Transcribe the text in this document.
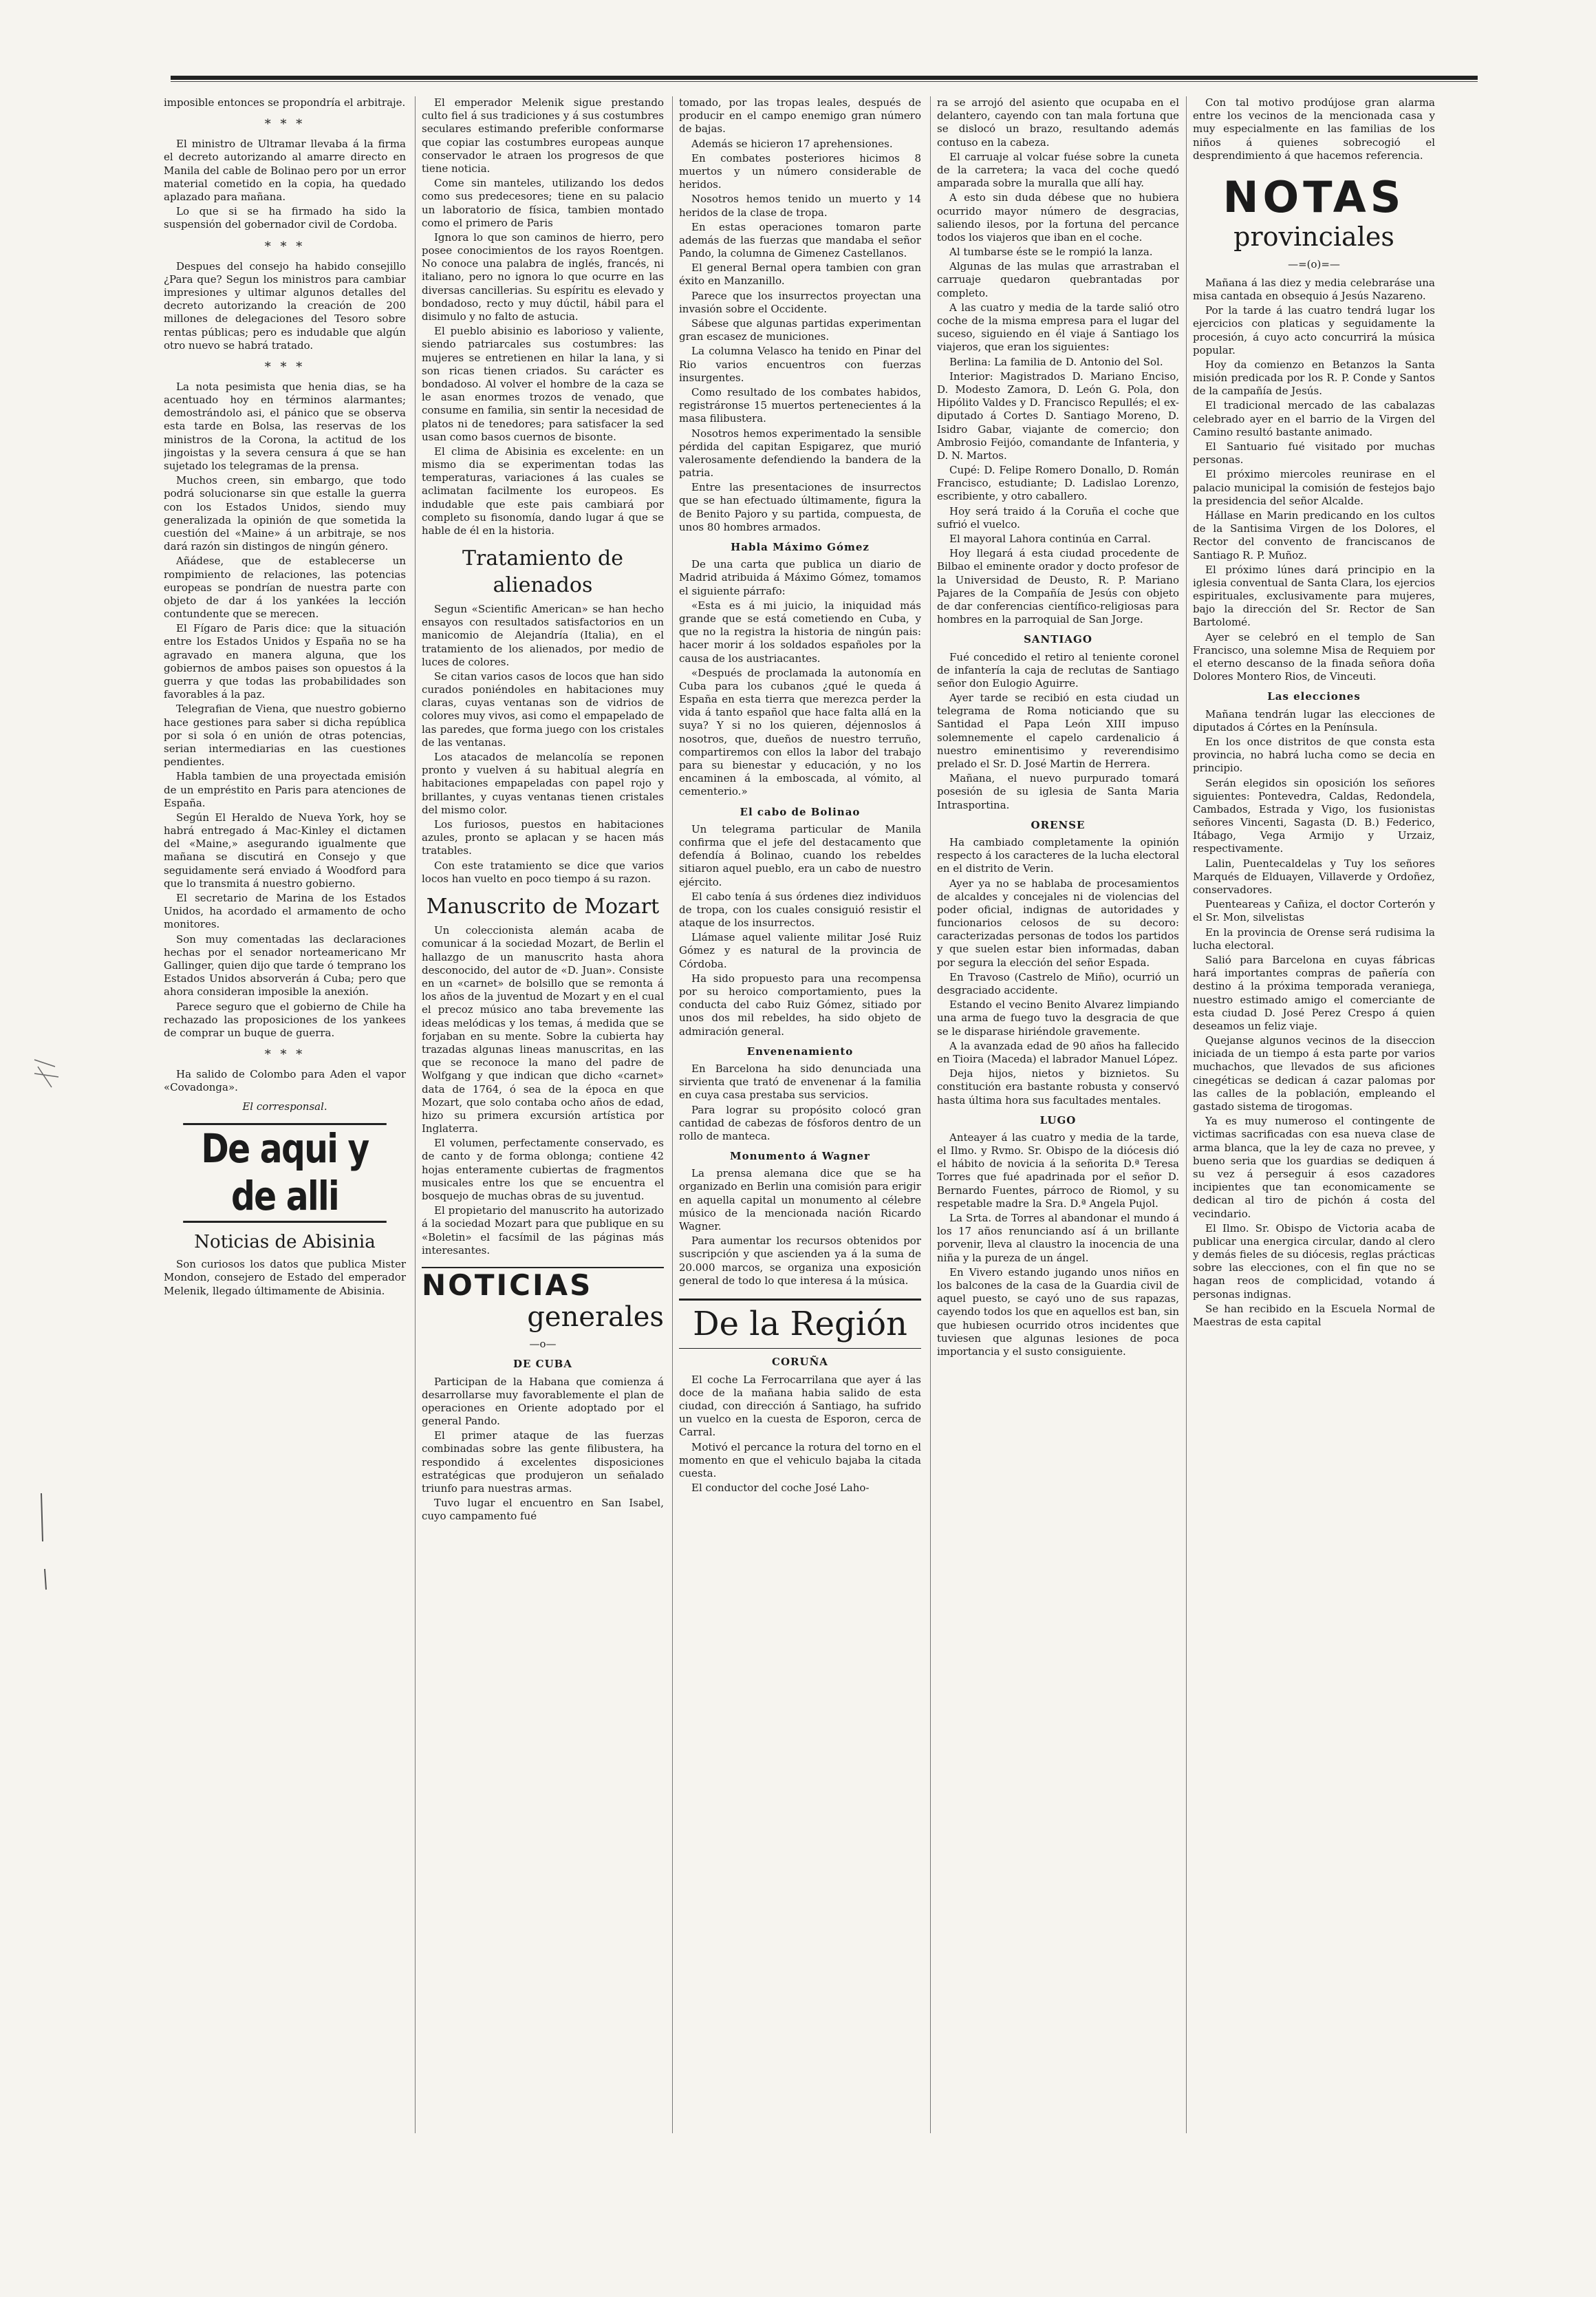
imposible entonces se propondría el arbitraje.

* * *

El ministro de Ultramar llevaba á la firma el decreto autorizando al amarre directo en Manila del cable de Bolinao pero por un error material cometido en la copia, ha quedado aplazado para mañana.

Lo que si se ha firmado ha sido la suspensión del gobernador civil de Cordoba.

* * *

Despues del consejo ha habido consejillo ¿Para que? Segun los ministros para cambiar impresiones y ultimar algunos detalles del decreto autorizando la creación de 200 millones de delegaciones del Tesoro sobre rentas públicas; pero es indudable que algún otro nuevo se habrá tratado.

* * *

La nota pesimista que henia dias, se ha acentuado hoy en términos alarmantes; demostrándolo asi, el pánico que se observa esta tarde en Bolsa, las reservas de los ministros de la Corona, la actitud de los jingoistas y la severa censura á que se han sujetado los telegramas de la prensa.

Muchos creen, sin embargo, que todo podrá solucionarse sin que estalle la guerra con los Estados Unidos, siendo muy generalizada la opinión de que sometida la cuestión del «Maine» á un arbitraje, se nos dará razón sin distingos de ningún género.

Añádese, que de establecerse un rompimiento de relaciones, las potencias europeas se pondrían de nuestra parte con objeto de dar á los yankées la lección contundente que se merecen.

El Fígaro de Paris dice: que la situación entre los Estados Unidos y España no se ha agravado en manera alguna, que los gobiernos de ambos paises son opuestos á la guerra y que todas las probabilidades son favorables á la paz.

Telegrafian de Viena, que nuestro gobierno hace gestiones para saber si dicha república por si sola ó en unión de otras potencias, serian intermediarias en las cuestiones pendientes.

Habla tambien de una proyectada emisión de un empréstito en Paris para atenciones de España.

Según El Heraldo de Nueva York, hoy se habrá entregado á Mac-Kinley el dictamen del «Maine,» asegurando igualmente que mañana se discutirá en Consejo y que seguidamente será enviado á Woodford para que lo transmita á nuestro gobierno.

El secretario de Marina de los Estados Unidos, ha acordado el armamento de ocho monitores.

Son muy comentadas las declaraciones hechas por el senador norteamericano Mr Gallinger, quien dijo que tarde ó temprano los Estados Unidos absorverán á Cuba; pero que ahora consideran imposible la anexión.

Parece seguro que el gobierno de Chile ha rechazado las proposiciones de los yankees de comprar un buque de guerra.

* * *

Ha salido de Colombo para Aden el vapor «Covadonga».

El corresponsal.
De aqui y de alli
Noticias de Abisinia

Son curiosos los datos que publica Mister Mondon, consejero de Estado del emperador Melenik, llegado últimamente de Abisinia.

El emperador Melenik sigue prestando culto fiel á sus tradiciones y á sus costumbres seculares estimando preferible conformarse que copiar las costumbres europeas aunque conservador le atraen los progresos de que tiene noticia.

Come sin manteles, utilizando los dedos como sus predecesores; tiene en su palacio un laboratorio de física, tambien montado como el primero de Paris

Ignora lo que son caminos de hierro, pero posee conocimientos de los rayos Roentgen. No conoce una palabra de inglés, francés, ni italiano, pero no ignora lo que ocurre en las diversas cancillerias. Su espíritu es elevado y bondadoso, recto y muy dúctil, hábil para el disimulo y no falto de astucia.

El pueblo abisinio es laborioso y valiente, siendo patriarcales sus costumbres: las mujeres se entretienen en hilar la lana, y si son ricas tienen criados. Su carácter es bondadoso. Al volver el hombre de la caza se le asan enormes trozos de venado, que consume en familia, sin sentir la necesidad de platos ni de tenedores; para satisfacer la sed usan como basos cuernos de bisonte.

El clima de Abisinia es excelente: en un mismo dia se experimentan todas las temperaturas, variaciones á las cuales se aclimatan facilmente los europeos. Es indudable que este pais cambiará por completo su fisonomía, dando lugar á que se hable de él en la historia.

Tratamiento de alienados

Segun «Scientific American» se han hecho ensayos con resultados satisfactorios en un manicomio de Alejandría (Italia), en el tratamiento de los alienados, por medio de luces de colores.

Se citan varios casos de locos que han sido curados poniéndoles en habitaciones muy claras, cuyas ventanas son de vidrios de colores muy vivos, asi como el empapelado de las paredes, que forma juego con los cristales de las ventanas.

Los atacados de melancolía se reponen pronto y vuelven á su habitual alegría en habitaciones empapeladas con papel rojo y brillantes, y cuyas ventanas tienen cristales del mismo color.

Los furiosos, puestos en habitaciones azules, pronto se aplacan y se hacen más tratables.

Con este tratamiento se dice que varios locos han vuelto en poco tiempo á su razon.

Manuscrito de Mozart

Un coleccionista alemán acaba de comunicar á la sociedad Mozart, de Berlin el hallazgo de un manuscrito hasta ahora desconocido, del autor de «D. Juan». Consiste en un «carnet» de bolsillo que se remonta á los años de la juventud de Mozart y en el cual el precoz músico ano taba brevemente las ideas melódicas y los temas, á medida que se forjaban en su mente. Sobre la cubierta hay trazadas algunas lineas manuscritas, en las que se reconoce la mano del padre de Wolfgang y que indican que dicho «carnet» data de 1764, ó sea de la época en que Mozart, que solo contaba ocho años de edad, hizo su primera excursión artística por Inglaterra.

El volumen, perfectamente conservado, es de canto y de forma oblonga; contiene 42 hojas enteramente cubiertas de fragmentos musicales entre los que se encuentra el bosquejo de muchas obras de su juventud.

El propietario del manuscrito ha autorizado á la sociedad Mozart para que publique en su «Boletin» el facsímil de las páginas más interesantes.

NOTICIAS
generales
—o—
DE CUBA

Participan de la Habana que comienza á desarrollarse muy favorablemente el plan de operaciones en Oriente adoptado por el general Pando.

El primer ataque de las fuerzas combinadas sobre las gente filibustera, ha respondido á excelentes disposiciones estratégicas que produjeron un señalado triunfo para nuestras armas.

Tuvo lugar el encuentro en San Isabel, cuyo campamento fué

tomado, por las tropas leales, después de producir en el campo enemigo gran número de bajas.

Además se hicieron 17 aprehensiones.

En combates posteriores hicimos 8 muertos y un número considerable de heridos.

Nosotros hemos tenido un muerto y 14 heridos de la clase de tropa.

En estas operaciones tomaron parte además de las fuerzas que mandaba el señor Pando, la columna de Gimenez Castellanos.

El general Bernal opera tambien con gran éxito en Manzanillo.

Parece que los insurrectos proyectan una invasión sobre el Occidente.

Sábese que algunas partidas experimentan gran escasez de municiones.

La columna Velasco ha tenido en Pinar del Rio varios encuentros con fuerzas insurgentes.

Como resultado de los combates habidos, registráronse 15 muertos pertenecientes á la masa filibustera.

Nosotros hemos experimentado la sensible pérdida del capitan Espigarez, que murió valerosamente defendiendo la bandera de la patria.

Entre las presentaciones de insurrectos que se han efectuado últimamente, figura la de Benito Pajoro y su partida, compuesta, de unos 80 hombres armados.

Habla Máximo Gómez

De una carta que publica un diario de Madrid atribuida á Máximo Gómez, tomamos el siguiente párrafo:

«Esta es á mi juicio, la iniquidad más grande que se está cometiendo en Cuba, y que no la registra la historia de ningún pais: hacer morir á los soldados españoles por la causa de los austriacantes.

«Después de proclamada la autonomía en Cuba para los cubanos ¿qué le queda á España en esta tierra que merezca perder la vida á tanto español que hace falta allá en la suya? Y si no los quieren, déjennoslos á nosotros, que, dueños de nuestro terruño, compartiremos con ellos la labor del trabajo para su bienestar y educación, y no los encaminen á la emboscada, al vómito, al cementerio.»

El cabo de Bolinao

Un telegrama particular de Manila confirma que el jefe del destacamento que defendía á Bolinao, cuando los rebeldes sitiaron aquel pueblo, era un cabo de nuestro ejército.

El cabo tenía á sus órdenes diez individuos de tropa, con los cuales consiguió resistir el ataque de los insurrectos.

Llámase aquel valiente militar José Ruiz Gómez y es natural de la provincia de Córdoba.

Ha sido propuesto para una recompensa por su heroico comportamiento, pues la conducta del cabo Ruiz Gómez, sitiado por unos dos mil rebeldes, ha sido objeto de admiración general.

Envenenamiento

En Barcelona ha sido denunciada una sirvienta que trató de envenenar á la familia en cuya casa prestaba sus servicios.

Para lograr su propósito colocó gran cantidad de cabezas de fósforos dentro de un rollo de manteca.

Monumento á Wagner

La prensa alemana dice que se ha organizado en Berlin una comisión para erigir en aquella capital un monumento al célebre músico de la mencionada nación Ricardo Wagner.

Para aumentar los recursos obtenidos por suscripción y que ascienden ya á la suma de 20.000 marcos, se organiza una exposición general de todo lo que interesa á la música.

De la Región
CORUÑA

El coche La Ferrocarrilana que ayer á las doce de la mañana habia salido de esta ciudad, con dirección á Santiago, ha sufrido un vuelco en la cuesta de Esporon, cerca de Carral.

Motivó el percance la rotura del torno en el momento en que el vehiculo bajaba la citada cuesta.

El conductor del coche José Laho-

ra se arrojó del asiento que ocupaba en el delantero, cayendo con tan mala fortuna que se dislocó un brazo, resultando además contuso en la cabeza.

El carruaje al volcar fuése sobre la cuneta de la carretera; la vaca del coche quedó amparada sobre la muralla que allí hay.

A esto sin duda débese que no hubiera ocurrido mayor número de desgracias, saliendo ilesos, por la fortuna del percance todos los viajeros que iban en el coche.

Al tumbarse éste se le rompió la lanza.

Algunas de las mulas que arrastraban el carruaje quedaron quebrantadas por completo.

A las cuatro y media de la tarde salió otro coche de la misma empresa para el lugar del suceso, siguiendo en él viaje á Santiago los viajeros, que eran los siguientes:

Berlina: La familia de D. Antonio del Sol.

Interior: Magistrados D. Mariano Enciso, D. Modesto Zamora, D. León G. Pola, don Hipólito Valdes y D. Francisco Repullés; el ex-diputado á Cortes D. Santiago Moreno, D. Isidro Gabar, viajante de comercio; don Ambrosio Feijóo, comandante de Infanteria, y D. N. Martos.

Cupé: D. Felipe Romero Donallo, D. Román Francisco, estudiante; D. Ladislao Lorenzo, escribiente, y otro caballero.

Hoy será traido á la Coruña el coche que sufrió el vuelco.

El mayoral Lahora continúa en Carral.

Hoy llegará á esta ciudad procedente de Bilbao el eminente orador y docto profesor de la Universidad de Deusto, R. P. Mariano Pajares de la Compañía de Jesús con objeto de dar conferencias científico-religiosas para hombres en la parroquial de San Jorge.

SANTIAGO

Fué concedido el retiro al teniente coronel de infantería la caja de reclutas de Santiago señor don Eulogio Aguirre.

Ayer tarde se recibió en esta ciudad un telegrama de Roma noticiando que su Santidad el Papa León XIII impuso solemnemente el capelo cardenalicio á nuestro eminentisimo y reverendisimo prelado el Sr. D. José Martin de Herrera.

Mañana, el nuevo purpurado tomará posesión de su iglesia de Santa Maria Intrasportina.

ORENSE

Ha cambiado completamente la opinión respecto á los caracteres de la lucha electoral en el distrito de Verin.

Ayer ya no se hablaba de procesamientos de alcaldes y concejales ni de violencias del poder oficial, indignas de autoridades y funcionarios celosos de su decoro: caracterizadas personas de todos los partidos y que suelen estar bien informadas, daban por segura la elección del señor Espada.

En Travoso (Castrelo de Miño), ocurrió un desgraciado accidente.

Estando el vecino Benito Alvarez limpiando una arma de fuego tuvo la desgracia de que se le disparase hiriéndole gravemente.

A la avanzada edad de 90 años ha fallecido en Tioira (Maceda) el labrador Manuel López.

Deja hijos, nietos y biznietos. Su constitución era bastante robusta y conservó hasta última hora sus facultades mentales.

LUGO

Anteayer á las cuatro y media de la tarde, el Ilmo. y Rvmo. Sr. Obispo de la diócesis dió el hábito de novicia á la señorita D.ª Teresa Torres que fué apadrinada por el señor D. Bernardo Fuentes, párroco de Riomol, y su respetable madre la Sra. D.ª Angela Pujol.

La Srta. de Torres al abandonar el mundo á los 17 años renunciando así á un brillante porvenir, lleva al claustro la inocencia de una niña y la pureza de un ángel.

En Vivero estando jugando unos niños en los balcones de la casa de la Guardia civil de aquel puesto, se cayó uno de sus rapazas, cayendo todos los que en aquellos est ban, sin que hubiesen ocurrido otros incidentes que tuviesen que algunas lesiones de poca importancia y el susto consiguiente.

Con tal motivo prodújose gran alarma entre los vecinos de la mencionada casa y muy especialmente en las familias de los niños á quienes sobrecogió el desprendimiento á que hacemos referencia.

NOTAS
provinciales
—=(o)=—

Mañana á las diez y media celebraráse una misa cantada en obsequio á Jesús Nazareno.

Por la tarde á las cuatro tendrá lugar los ejercicios con platicas y seguidamente la procesión, á cuyo acto concurrirá la música popular.

Hoy da comienzo en Betanzos la Santa misión predicada por los R. P. Conde y Santos de la campañía de Jesús.

El tradicional mercado de las cabalazas celebrado ayer en el barrio de la Virgen del Camino resultó bastante animado.

El Santuario fué visitado por muchas personas.

El próximo miercoles reunirase en el palacio municipal la comisión de festejos bajo la presidencia del señor Alcalde.

Hállase en Marin predicando en los cultos de la Santisima Virgen de los Dolores, el Rector del convento de franciscanos de Santiago R. P. Muñoz.

El próximo lúnes dará principio en la iglesia conventual de Santa Clara, los ejercios espirituales, exclusivamente para mujeres, bajo la dirección del Sr. Rector de San Bartolomé.

Ayer se celebró en el templo de San Francisco, una solemne Misa de Requiem por el eterno descanso de la finada señora doña Dolores Montero Rios, de Vinceuti.

Las elecciones

Mañana tendrán lugar las elecciones de diputados á Córtes en la Península.

En los once distritos de que consta esta provincia, no habrá lucha como se decia en principio.

Serán elegidos sin oposición los señores siguientes: Pontevedra, Caldas, Redondela, Cambados, Estrada y Vigo, los fusionistas señores Vincenti, Sagasta (D. B.) Federico, Itábago, Vega Armijo y Urzaiz, respectivamente.

Lalin, Puentecaldelas y Tuy los señores Marqués de Elduayen, Villaverde y Ordoñez, conservadores.

Puenteareas y Cañiza, el doctor Corterón y el Sr. Mon, silvelistas

En la provincia de Orense será rudisima la lucha electoral.

Salió para Barcelona en cuyas fábricas hará importantes compras de pañería con destino á la próxima temporada veraniega, nuestro estimado amigo el comerciante de esta ciudad D. José Perez Crespo á quien deseamos un feliz viaje.

Quejanse algunos vecinos de la diseccion iniciada de un tiempo á esta parte por varios muchachos, que llevados de sus aficiones cinegéticas se dedican á cazar palomas por las calles de la población, empleando el gastado sistema de tirogomas.

Ya es muy numeroso el contingente de victimas sacrificadas con esa nueva clase de arma blanca, que la ley de caza no prevee, y bueno seria que los guardias se dediquen á su vez á perseguir á esos cazadores incipientes que tan economicamente se dedican al tiro de pichón á costa del vecindario.

El Ilmo. Sr. Obispo de Victoria acaba de publicar una energica circular, dando al clero y demás fieles de su diócesis, reglas prácticas sobre las elecciones, con el fin que no se hagan reos de complicidad, votando á personas indignas.

Se han recibido en la Escuela Normal de Maestras de esta capital
